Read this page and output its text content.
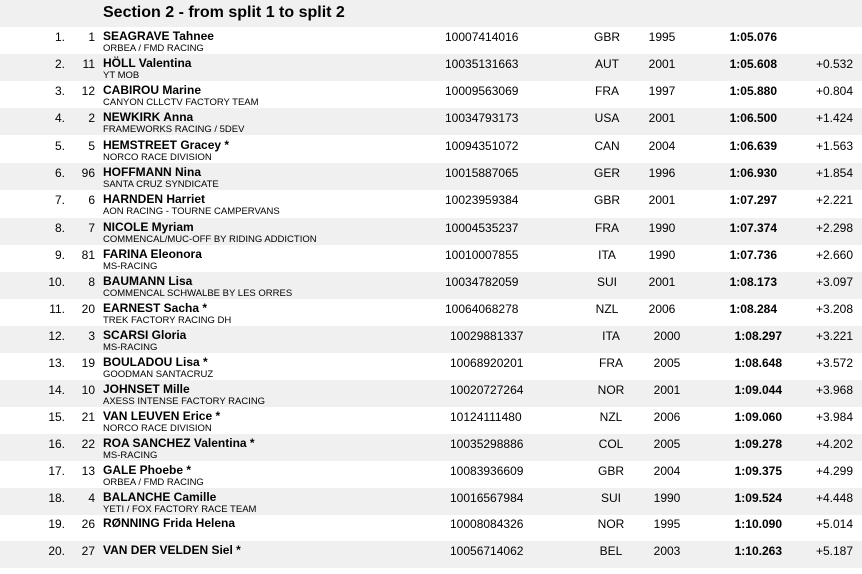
Section 2 - from split 1 to split 2
1. 1 SEAGRAVE Tahnee
ORBEA / FMD RACING
10007414016	GBR 1995	1:05.076
2. 11 HÖLL Valentina
YT MOB
10035131663	AUT 2001	1:05.608	+0.532
3. 12 CABIROU Marine
CANYON CLLCTV FACTORY TEAM
10009563069	FRA 1997	1:05.880	+0.804
4. 2 NEWKIRK Anna
FRAMEWORKS RACING / 5DEV
10034793173	USA 2001	1:06.500	+1.424
5. 5 HEMSTREET Gracey *
NORCO RACE DIVISION
10094351072	CAN 2004	1:06.639	+1.563
6. 96 HOFFMANN Nina
SANTA CRUZ SYNDICATE
10015887065	GER 1996	1:06.930	+1.854
7. 6 HARNDEN Harriet
AON RACING - TOURNE CAMPERVANS
10023959384	GBR 2001	1:07.297	+2.221
8. 7 NICOLE Myriam
COMMENCAL/MUC-OFF BY RIDING ADDICTION
10004535237	FRA 1990	1:07.374	+2.298
9. 81 FARINA Eleonora
MS-RACING
10010007855	ITA	1990	1:07.736	+2.660
10. 8 BAUMANN Lisa
COMMENCAL SCHWALBE BY LES ORRES
10034782059	SUI	2001	1:08.173	+3.097
11. 20 EARNEST Sacha *
TREK FACTORY RACING DH
10064068278	NZL	2006	1:08.284	+3.208
12. 3 SCARSI Gloria
MS-RACING
10029881337	ITA	2000	1:08.297	+3.221
13. 19 BOULADOU Lisa *
GOODMAN SANTACRUZ
10068920201	FRA	2005	1:08.648	+3.572
14. 10 JOHNSET Mille
AXESS INTENSE FACTORY RACING
10020727264	NOR 2001	1:09.044	+3.968
15. 21 VAN LEUVEN Erice *
NORCO RACE DIVISION
10124111480	NZL	2006	1:09.060	+3.984
16. 22 ROA SANCHEZ Valentina *
MS-RACING
10035298886	COL	2005	1:09.278	+4.202
17. 13 GALE Phoebe *
ORBEA / FMD RACING
10083936609	GBR 2004	1:09.375	+4.299
18. 4 BALANCHE Camille
YETI / FOX FACTORY RACE TEAM
10016567984	SUI	1990	1:09.524	+4.448
19. 26 RØNNING Frida Helena	10008084326	NOR 1995	1:10.090	+5.014
20. 27 VAN DER VELDEN Siel *	10056714062	BEL	2003	1:10.263	+5.187
